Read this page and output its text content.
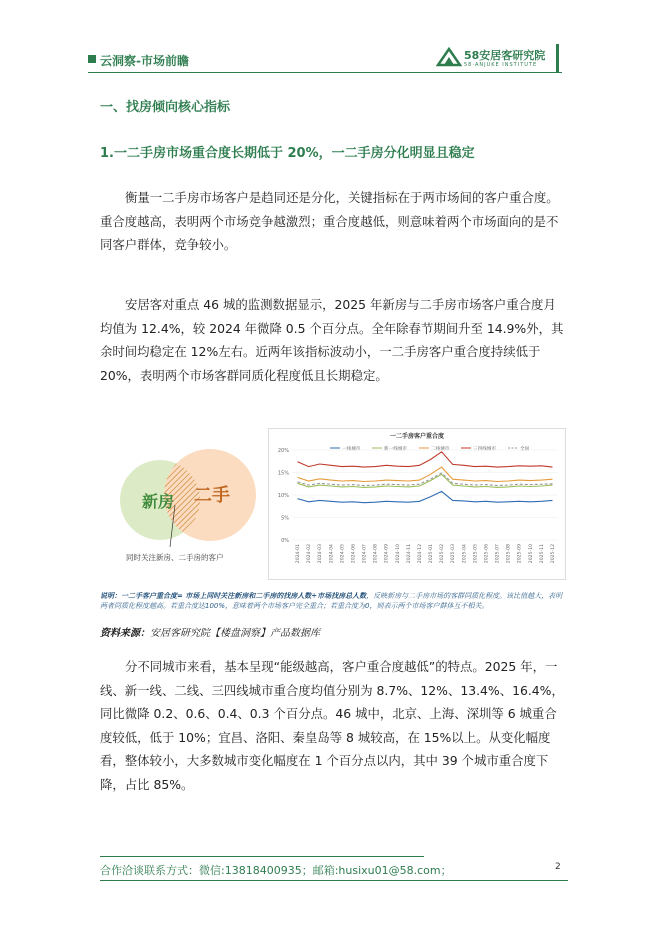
云洞察-市场前瞻	58安居客研究院
58·ANJUKE INSTITUTE
一、找房倾向核心指标
1.一二手房市场重合度长期低于 20%，一二手房分化明显且稳定
衡量一二手房市场客户是趋同还是分化，关键指标在于两市场间的客户重合度。重合度越高，表明两个市场竞争越激烈；重合度越低，则意味着两个市场面向的是不同客户群体，竞争较小。
安居客对重点 46 城的监测数据显示，2025 年新房与二手房市场客户重合度月均值为 12.4%，较 2024 年微降 0.5 个百分点。全年除春节期间升至 14.9%外，其余时间均稳定在 12%左右。近两年该指标波动小，一二手房客户重合度持续低于 20%，表明两个市场客群同质化程度低且长期稳定。
新房 二手
同时关注新房、二手房的客户
一二手房客户重合度
一线城市	新一线城市	二线城市	三四线城市	全国
0%
5%
10%
15%
20%
2024-01 2024-02 2024-03 2024-04 2024-05 2024-06 2024-07 2024-08 2024-09 2024-10 2024-11 2024-12 2025-01 2025-02 2025-03 2025-04 2025-05 2025-06 2025-07 2025-08 2025-09 2025-10 2025-11 2025-12
说明：一二手客户重合度= 市场上同时关注新房和二手房的找房人数÷市场找房总人数，反映新房与二手房市场的客群同质化程度。该比值越大，表明两者同质化程度越高。若重合度达100%，意味着两个市场客户完全重合；若重合度为0，则表示两个市场客户群体互不相关。
资料来源：安居客研究院【楼盘洞察】产品数据库
分不同城市来看，基本呈现“能级越高，客户重合度越低”的特点。2025 年，一线、新一线、二线、三四线城市重合度均值分别为 8.7%、12%、13.4%、16.4%，同比微降 0.2、0.6、0.4、0.3 个百分点。46 城中，北京、上海、深圳等 6 城重合度较低，低于 10%；宜昌、洛阳、秦皇岛等 8 城较高，在 15%以上。从变化幅度看，整体较小，大多数城市变化幅度在 1 个百分点以内，其中 39 个城市重合度下降，占比 85%。
合作洽谈联系方式：微信:13818400935；邮箱:husixu01@58.com；	2
